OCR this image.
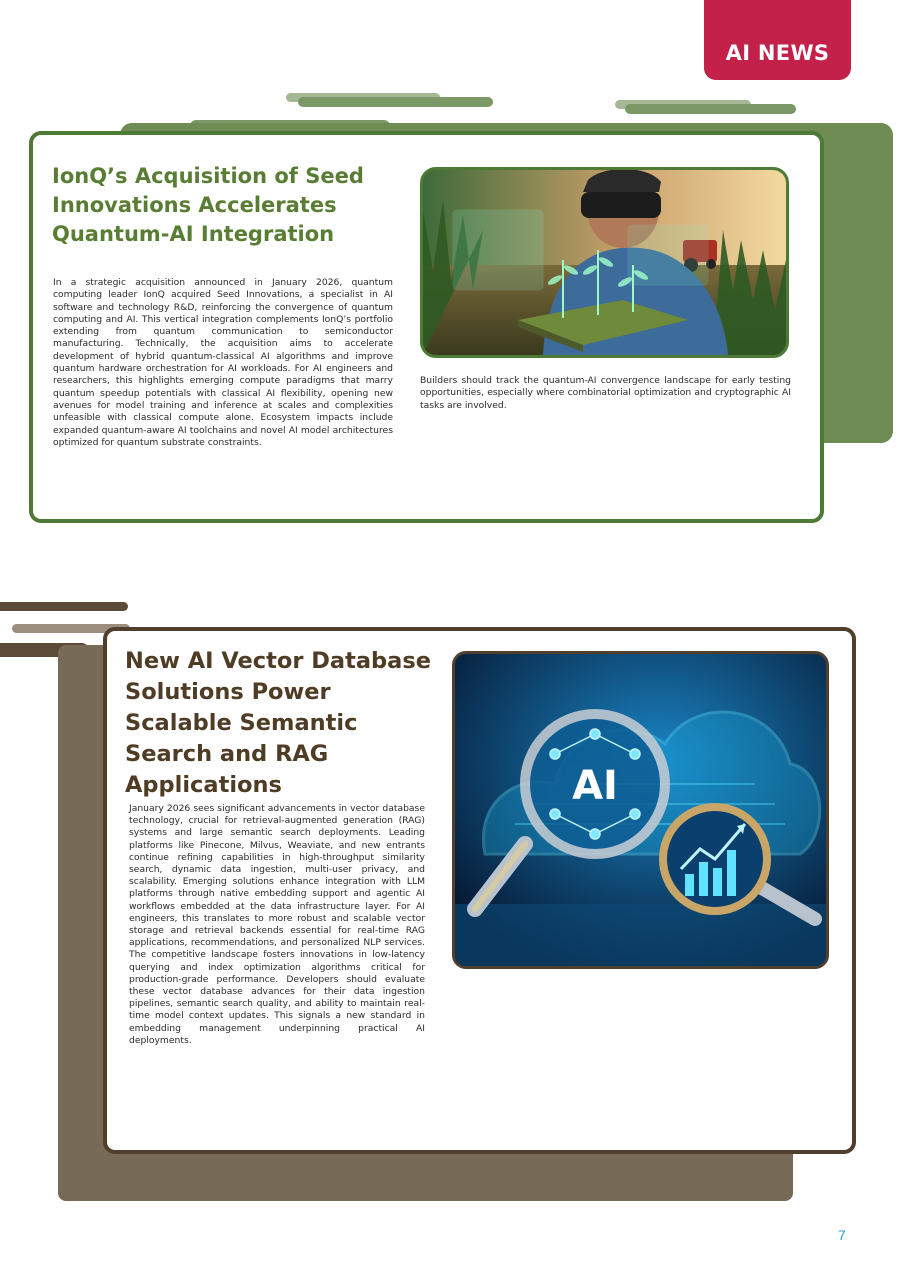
AI NEWS
IonQ’s Acquisition of Seed Innovations Accelerates Quantum-AI Integration

In a strategic acquisition announced in January 2026, quantum computing leader IonQ acquired Seed Innovations, a specialist in AI software and technology R&D, reinforcing the convergence of quantum computing and AI. This vertical integration complements IonQ’s portfolio extending from quantum communication to semiconductor manufacturing. Technically, the acquisition aims to accelerate development of hybrid quantum-classical AI algorithms and improve quantum hardware orchestration for AI workloads. For AI engineers and researchers, this highlights emerging compute paradigms that marry quantum speedup potentials with classical AI flexibility, opening new avenues for model training and inference at scales and complexities unfeasible with classical compute alone. Ecosystem impacts include expanded quantum-aware AI toolchains and novel AI model architectures optimized for quantum substrate constraints.

Builders should track the quantum-AI convergence landscape for early testing opportunities, especially where combinatorial optimization and cryptographic AI tasks are involved.

New AI Vector Database Solutions Power Scalable Semantic Search and RAG Applications

January 2026 sees significant advancements in vector database technology, crucial for retrieval-augmented generation (RAG) systems and large semantic search deployments. Leading platforms like Pinecone, Milvus, Weaviate, and new entrants continue refining capabilities in high-throughput similarity search, dynamic data ingestion, multi-user privacy, and scalability. Emerging solutions enhance integration with LLM platforms through native embedding support and agentic AI workflows embedded at the data infrastructure layer. For AI engineers, this translates to more robust and scalable vector storage and retrieval backends essential for real-time RAG applications, recommendations, and personalized NLP services. The competitive landscape fosters innovations in low-latency querying and index optimization algorithms critical for production-grade performance. Developers should evaluate these vector database advances for their data ingestion pipelines, semantic search quality, and ability to maintain real-time model context updates. This signals a new standard in embedding management underpinning practical AI deployments.

AI
7
